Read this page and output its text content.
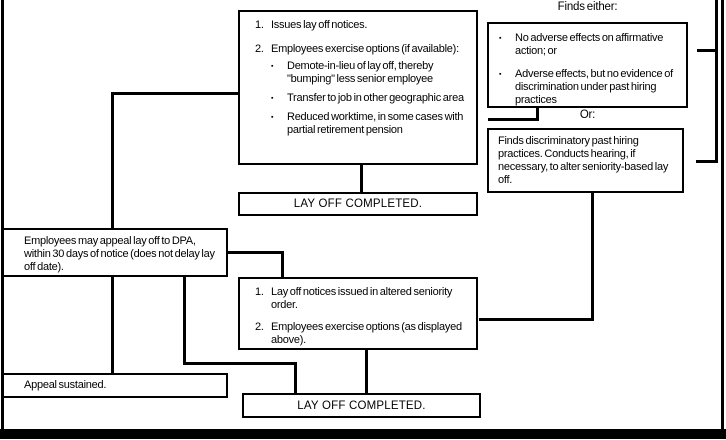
1. Issues lay off notices.
2. Employees exercise options (if available):
▪	Demote-in-lieu of lay off, thereby "bumping" less senior employee
▪	Transfer to job in other geographic area
▪	Reduced worktime, in some cases with partial retirement pension
Finds either:
▪	No adverse effects on affirmative action; or
▪	Adverse effects, but no evidence of discrimination under past hiring practices
Or:
Finds discriminatory past hiring practices. Conducts hearing, if necessary, to alter seniority-based lay off.
LAY OFF COMPLETED.
Employees may appeal lay off to DPA, within 30 days of notice (does not delay lay off date).
1. Lay off notices issued in altered seniority order.
2. Employees exercise options (as displayed above).
Appeal sustained.
LAY OFF COMPLETED.
